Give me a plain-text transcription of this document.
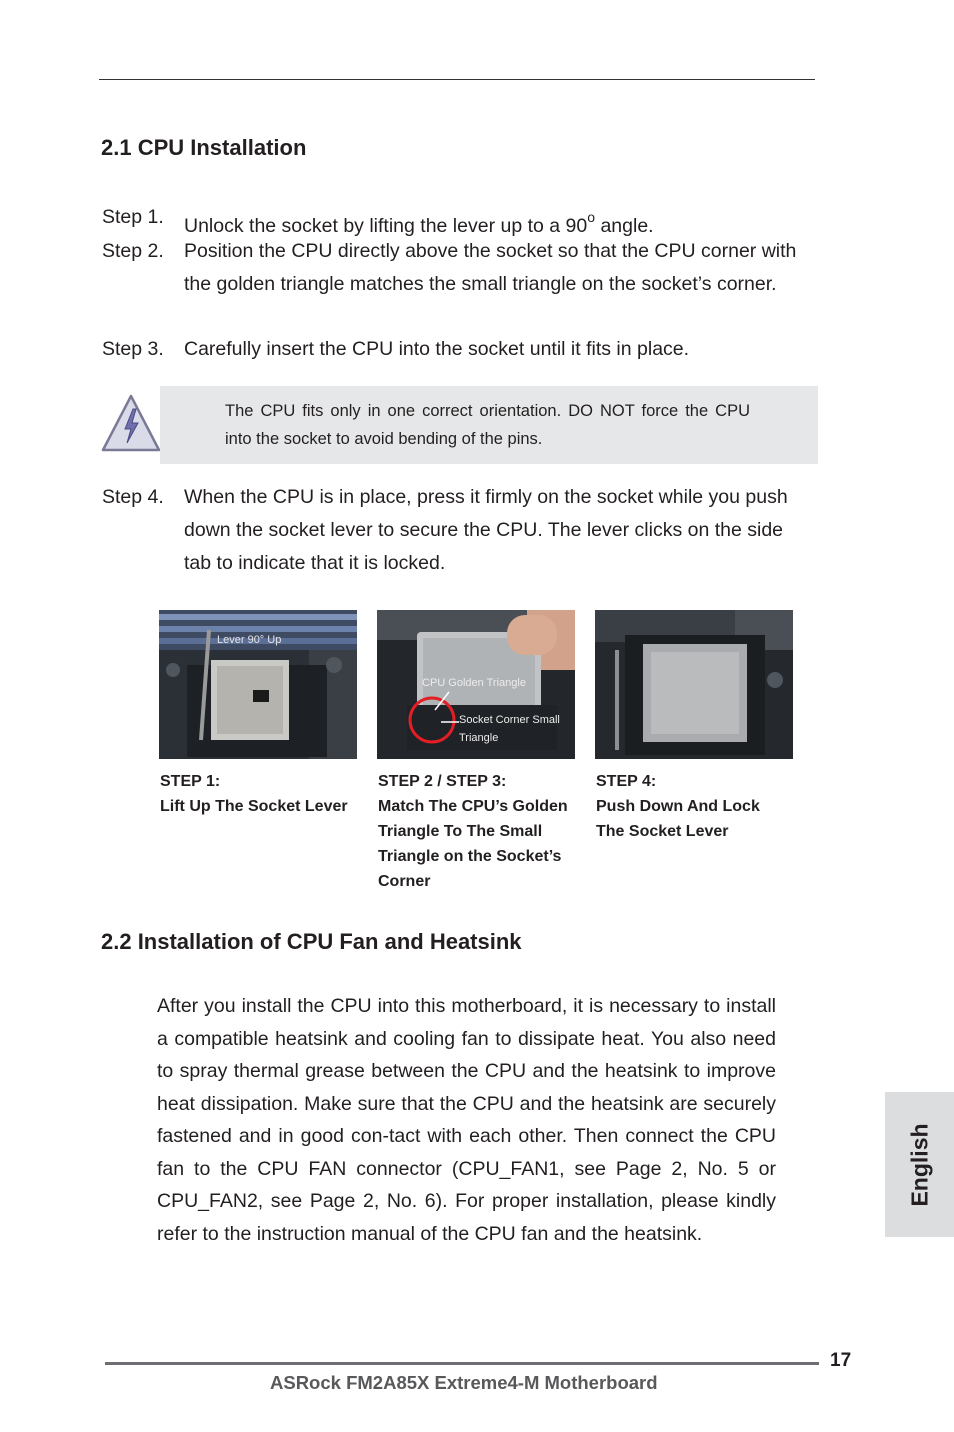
2.1 CPU Installation
Step 1. Unlock the socket by lifting the lever up to a 90$^o$ angle.
Step 2. Position the CPU directly above the socket so that the CPU corner with the golden triangle matches the small triangle on the socket’s corner.
Step 3. Carefully insert the CPU into the socket until it fits in place.
The CPU fits only in one correct orientation. DO NOT force the CPU into the socket to avoid bending of the pins.
Step 4. When the CPU is in place, press it firmly on the socket while you push down the socket lever to secure the CPU. The lever clicks on the side tab to indicate that it is locked.
Lever 90° Up
CPU Golden Triangle
Socket Corner Small
Triangle
STEP 1:
Lift Up The Socket Lever
STEP 2 / STEP 3:
Match The CPU’s Golden
Triangle To The Small
Triangle on the Socket’s
Corner
STEP 4:
Push Down And Lock
The Socket Lever
2.2 Installation of CPU Fan and Heatsink
After you install the CPU into this motherboard, it is necessary to install a compatible heatsink and cooling fan to dissipate heat. You also need to spray thermal grease between the CPU and the heatsink to improve heat dissipation. Make sure that the CPU and the heatsink are securely fastened and in good con-tact with each other. Then connect the CPU fan to the CPU FAN connector (CPU_FAN1, see Page 2, No. 5 or CPU_FAN2, see Page 2, No. 6). For proper installation, please kindly refer to the instruction manual of the CPU fan and the heatsink.
English
17
ASRock FM2A85X Extreme4-M Motherboard
